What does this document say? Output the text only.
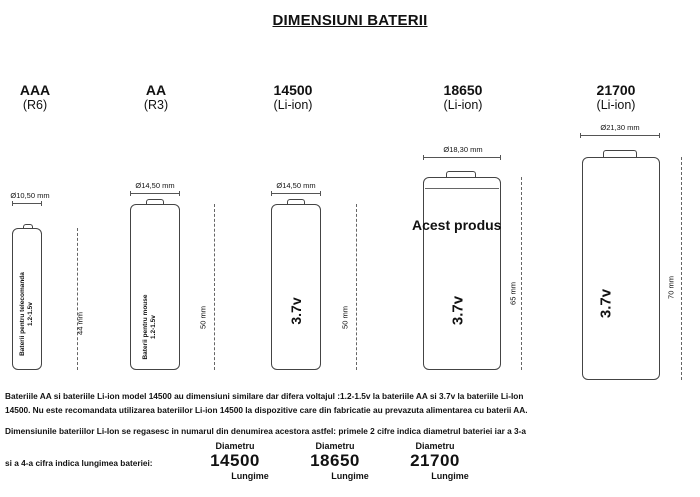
DIMENSIUNI BATERII
AAA
(R6)
Ø10,50 mm
Baterii pentru telecomanda 1.2-1.5v	44 mm
AA
(R3)
Ø14,50 mm
Baterii pentru mouse 1.2-1.5v	50 mm
14500
(Li-ion)
Ø14,50 mm
3.7v	50 mm
18650
(Li-ion)
Ø18,30 mm
Acest produs
3.7v
65 mm
21700
(Li-ion)
Ø21,30 mm
3.7v
70 mm
Bateriile AA si bateriile Li-ion model 14500 au dimensiuni similare dar difera voltajul :1.2-1.5v la bateriile AA si 3.7v la bateriile Li-Ion
14500. Nu este recomandata utilizarea bateriilor Li-ion 14500 la dispozitive care din fabricatie au prevazuta alimentarea cu baterii AA.
Dimensiunile bateriilor Li-Ion se regasesc in numarul din denumirea acestora astfel: primele 2 cifre indica diametrul bateriei iar a 3-a
si a 4-a cifra indica lungimea bateriei:
Diametru
14500
Lungime
Diametru
18650
Lungime
Diametru
21700
Lungime
